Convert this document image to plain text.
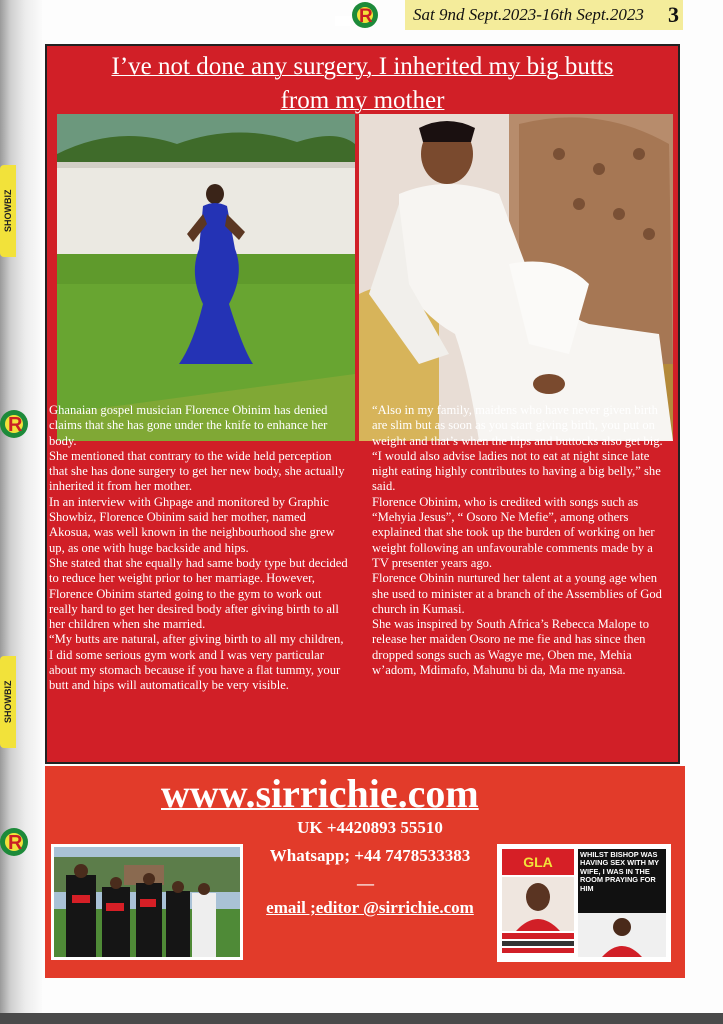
SHOWBIZ
SHOWBIZ
R
R
R Sat 9nd Sept.2023-16th Sept.2023 3
I’ve not done any surgery, I inherited my big butts
from my mother

Ghanaian gospel musician Florence Obinim has denied claims that she has gone under the knife to enhance her body.

She mentioned that contrary to the wide held perception that she has done surgery to get her new body, she actually inherited it from her mother.

In an interview with Ghpage and monitored by Graphic Showbiz, Florence Obinim said her mother, named Akosua, was well known in the neighbourhood she grew up, as one with huge backside and hips.

She stated that she equally had same body type but decided to reduce her weight prior to her marriage. However, Florence Obinim started going to the gym to work out really hard to get her desired body after giving birth to all her children when she married.

“My butts are natural, after giving birth to all my children, I did some serious gym work and I was very particular about my stomach because if you have a flat tummy, your butt and hips will automatically be very visible.

“Also in my family, maidens who have never given birth are slim but as soon as you start giving birth, you put on weight and that’s when the hips and buttocks also get big.

“I would also advise ladies not to eat at night since late night eating highly contributes to having a big belly,” she said.

Florence Obinim, who is credited with songs such as “Mehyia Jesus”, “ Osoro Ne Mefie”, among others explained that she took up the burden of working on her weight following an unfavourable comments made by a TV presenter years ago.

Florence Obinin nurtured her talent at a young age when she used to minister at a branch of the Assemblies of God church in Kumasi.

She was inspired by South Africa’s Rebecca Malope to release her maiden Osoro ne me fie and has since then dropped songs such as Wagye me, Oben me, Mehia w’adom, Mdimafo, Mahunu bi da, Ma me nyansa.

www.sirrichie.com
UK +4420893 55510
Whatsapp; +44 7478533383
—
email ;editor @sirrichie.com
GLA	WHILST BISHOP WAS HAVING SEX WITH MY WIFE, I WAS IN THE ROOM PRAYING FOR HIM
